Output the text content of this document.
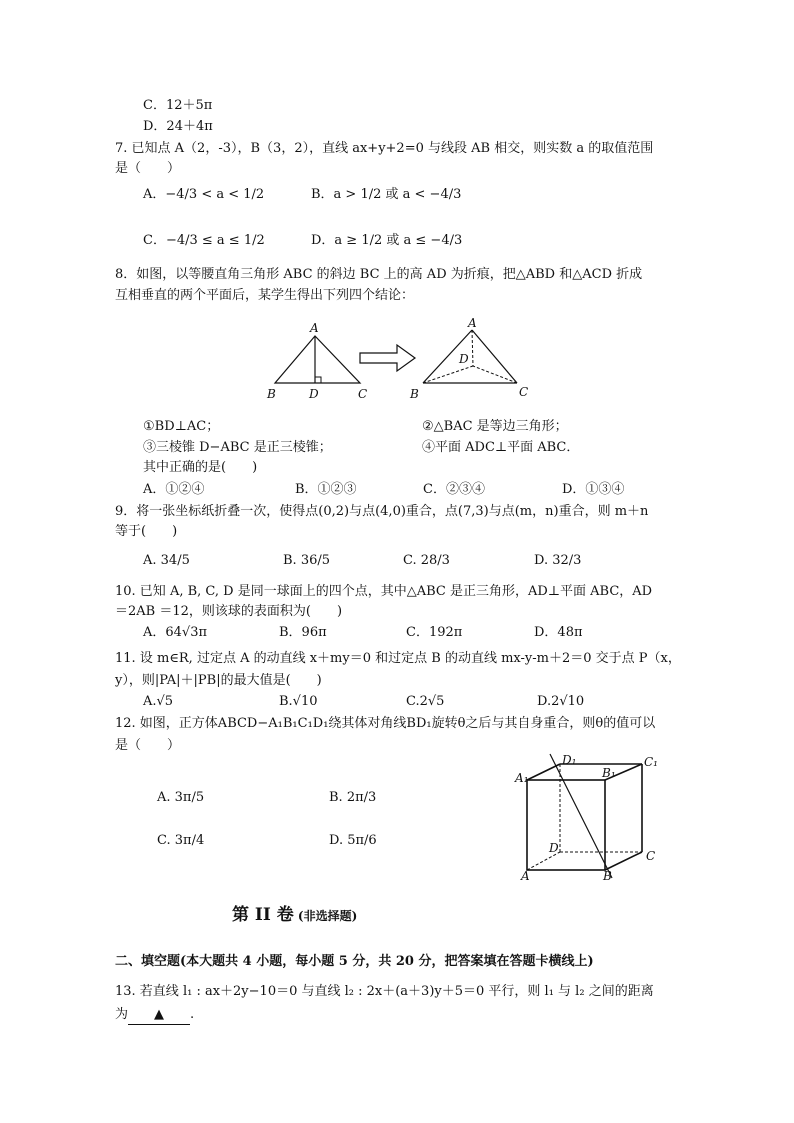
C．12＋5π
D．24＋4π
7. 已知点 A（2，-3），B（3，2），直线 ax+y+2=0 与线段 AB 相交，则实数 a 的取值范围
是（　　）
A．−4/3 < a < 1/2	B．a > 1/2 或 a < −4/3
C．−4/3 ≤ a ≤ 1/2	D．a ≥ 1/2 或 a ≤ −4/3
8．如图，以等腰直角三角形 ABC 的斜边 BC 上的高 AD 为折痕，把△ABD 和△ACD 折成
互相垂直的两个平面后，某学生得出下列四个结论：
A
B	D	C
A
D
B	C
①BD⊥AC；	②△BAC 是等边三角形；
③三棱锥 D−ABC 是正三棱锥；	④平面 ADC⊥平面 ABC．
其中正确的是(　　)
A．①②④	B．①②③	C．②③④	D．①③④
9．将一张坐标纸折叠一次，使得点(0,2)与点(4,0)重合，点(7,3)与点(m，n)重合，则 m＋n
等于(　　)
A. 34/5	B. 36/5	C. 28/3	D. 32/3
10. 已知 A, B, C, D 是同一球面上的四个点，其中△ABC 是正三角形，AD⊥平面 ABC，AD
＝2AB ＝12，则该球的表面积为(　　)
A．64√3π	B．96π	C．192π	D．48π
11. 设 m∈R, 过定点 A 的动直线 x＋my＝0 和过定点 B 的动直线 mx-y-m＋2＝0 交于点 P（x，
y），则|PA|＋|PB|的最大值是(　　)
A.√5	B.√10	C.2√5	D.2√10
12. 如图，正方体ABCD−A₁B₁C₁D₁绕其体对角线BD₁旋转θ之后与其自身重合，则θ的值可以
是（　　）
A. 3π/5	B. 2π/3
C. 3π/4	D. 5π/6
A₁
D₁
B₁
C₁
D
C
A	B
第 II 卷 (非选择题)
二、填空题(本大题共 4 小题，每小题 5 分，共 20 分，把答案填在答题卡横线上)
13. 若直线 l₁ : ax＋2y−10＝0 与直线 l₂ : 2x＋(a＋3)y＋5＝0 平行，则 l₁ 与 l₂ 之间的距离
为 ▲ .
